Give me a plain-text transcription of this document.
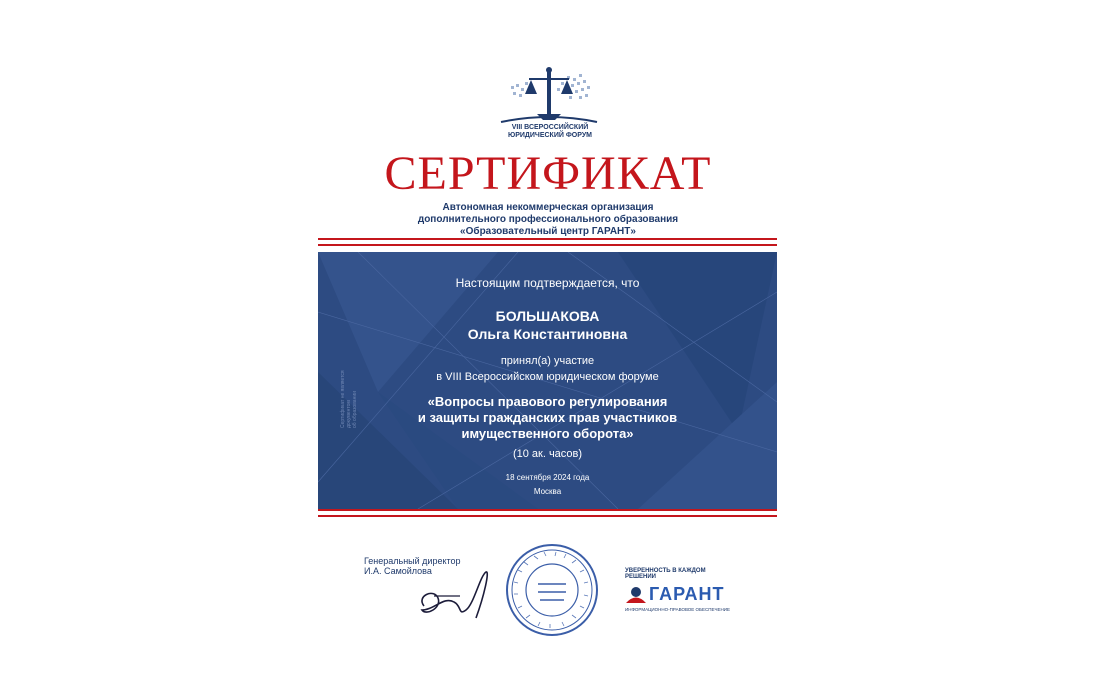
VIII ВСЕРОССИЙСКИЙ
ЮРИДИЧЕСКИЙ ФОРУМ
СЕРТИФИКАТ
Автономная некоммерческая организация
дополнительного профессионального образования
«Образовательный центр ГАРАНТ»
Сертификат не является документом об образовании
Настоящим подтверждается, что
БОЛЬШАКОВА
Ольга Константиновна
принял(а) участие
в VIII Всероссийском юридическом форуме
«Вопросы правового регулирования
и защиты гражданских прав участников
имущественного оборота»
(10 ак. часов)
18 сентября 2024 года
Москва
Генеральный директор
И.А. Самойлова	УВЕРЕННОСТЬ В КАЖДОМ РЕШЕНИИ
ГАРАНТ
ИНФОРМАЦИОННО-ПРАВОВОЕ ОБЕСПЕЧЕНИЕ
